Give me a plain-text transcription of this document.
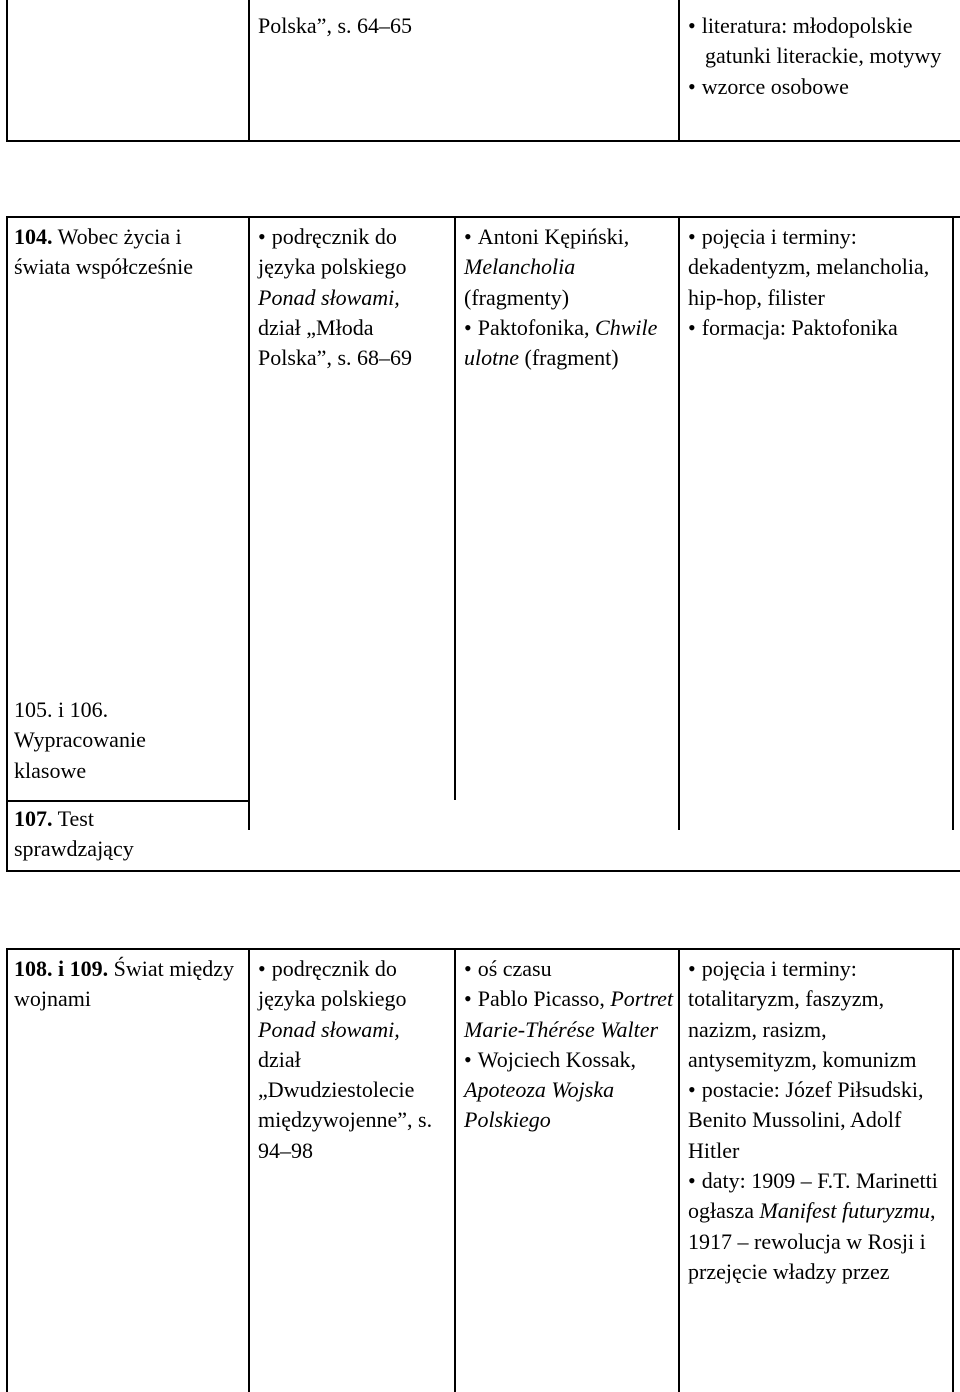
Polska”, s. 64–65	• literatura: młodopolskie gatunki literackie, motywy
• wzorce osobowe
104. Wobec życia i świata współcześnie
• podręcznik do języka polskiego Ponad słowami, dział „Młoda Polska”, s. 68–69
• Antoni Kępiński, Melancholia (fragmenty)
• Paktofonika, Chwile ulotne (fragment)
• pojęcia i terminy: dekadentyzm, melancholia, hip-hop, filister
• formacja: Paktofonika
105. i 106. Wypracowanie klasowe
107. Test sprawdzający
108. i 109. Świat między wojnami
• podręcznik do języka polskiego Ponad słowami, dział „Dwudziestolecie międzywojenne”, s. 94–98
• oś czasu
• Pablo Picasso, Portret Marie-Thérése Walter
• Wojciech Kossak, Apoteoza Wojska Polskiego
• pojęcia i terminy: totalitaryzm, faszyzm, nazizm, rasizm, antysemityzm, komunizm
• postacie: Józef Piłsudski, Benito Mussolini, Adolf Hitler
• daty: 1909 – F.T. Marinetti ogłasza Manifest futuryzmu, 1917 – rewolucja w Rosji i przejęcie władzy przez
